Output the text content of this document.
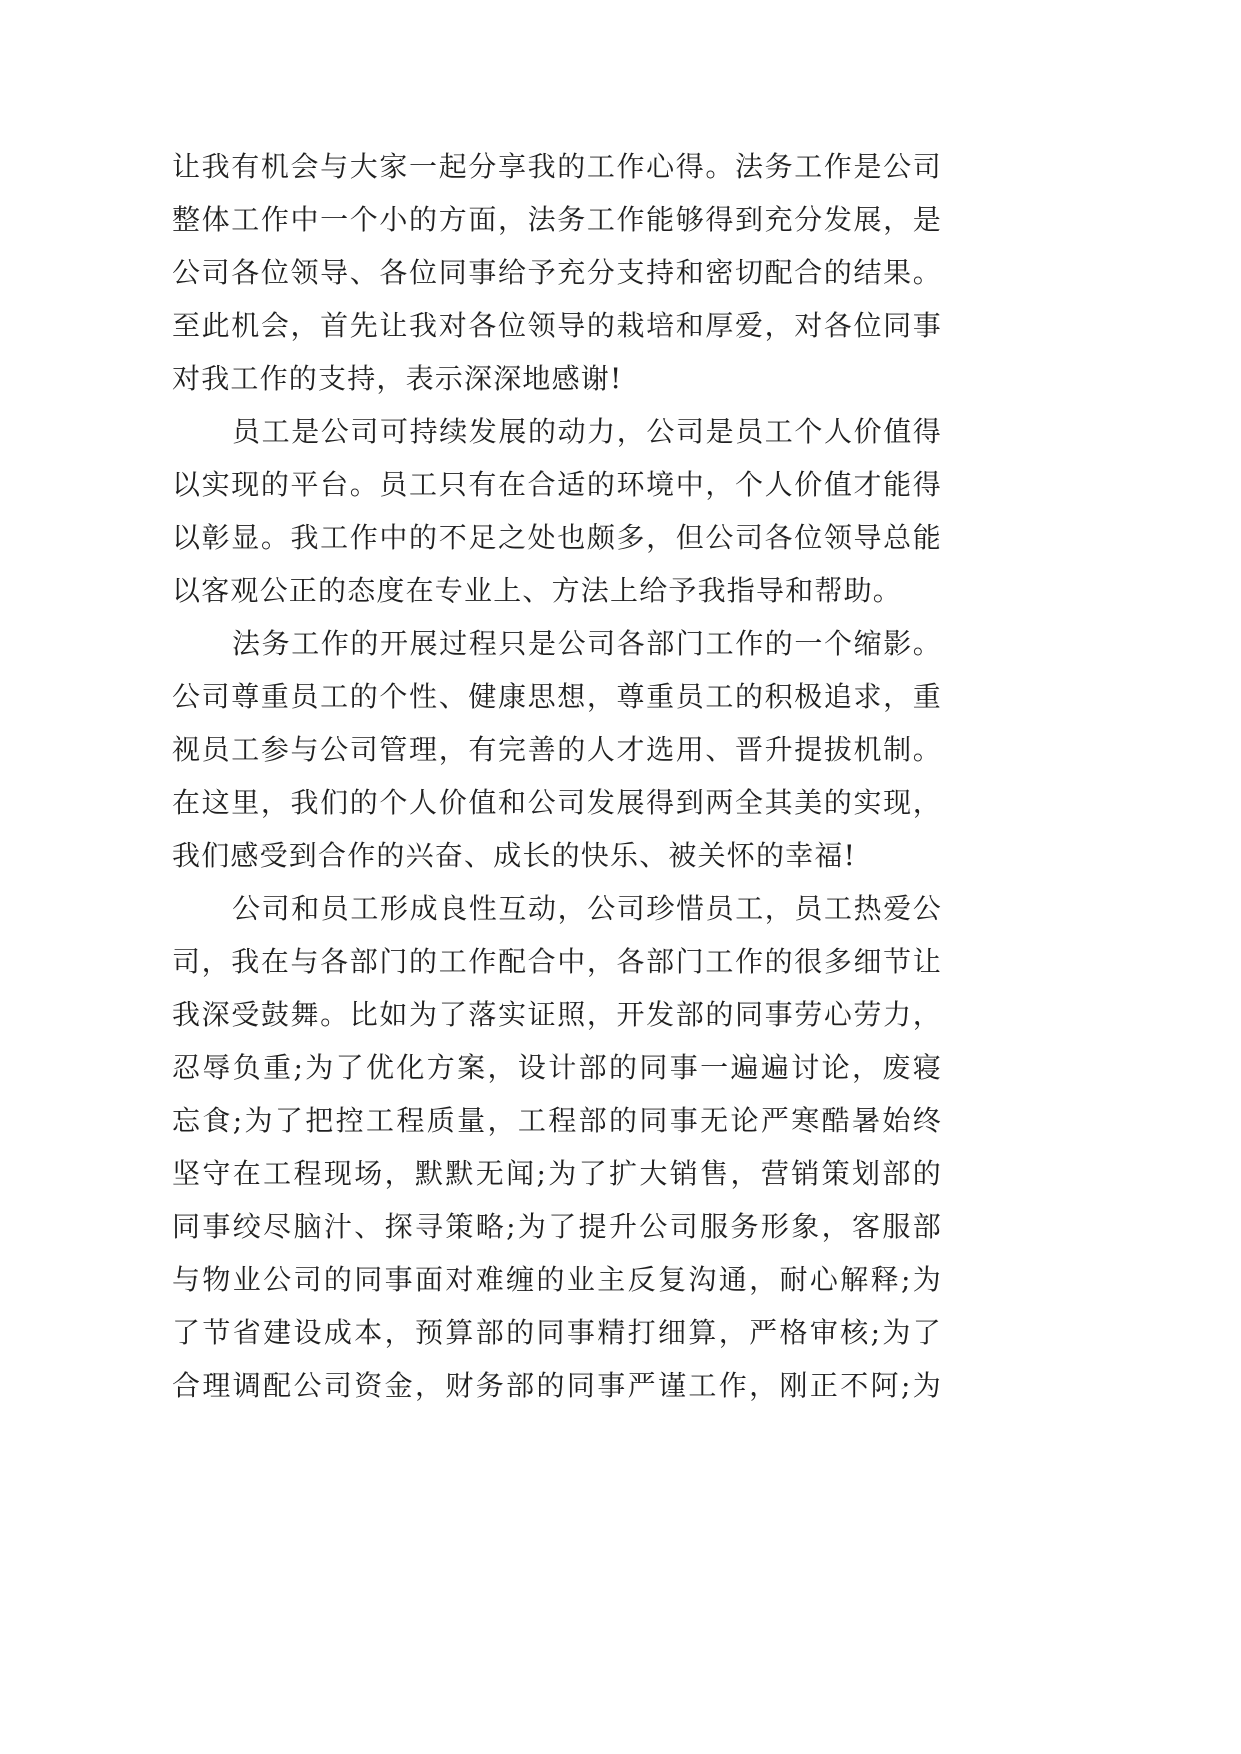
让我有机会与大家一起分享我的工作心得。法务工作是公司
整体工作中一个小的方面，法务工作能够得到充分发展，是
公司各位领导、各位同事给予充分支持和密切配合的结果。
至此机会，首先让我对各位领导的栽培和厚爱，对各位同事
对我工作的支持，表示深深地感谢!
员工是公司可持续发展的动力，公司是员工个人价值得
以实现的平台。员工只有在合适的环境中，个人价值才能得
以彰显。我工作中的不足之处也颇多，但公司各位领导总能
以客观公正的态度在专业上、方法上给予我指导和帮助。
法务工作的开展过程只是公司各部门工作的一个缩影。
公司尊重员工的个性、健康思想，尊重员工的积极追求，重
视员工参与公司管理，有完善的人才选用、晋升提拔机制。
在这里，我们的个人价值和公司发展得到两全其美的实现，
我们感受到合作的兴奋、成长的快乐、被关怀的幸福!
公司和员工形成良性互动，公司珍惜员工，员工热爱公
司，我在与各部门的工作配合中，各部门工作的很多细节让
我深受鼓舞。比如为了落实证照，开发部的同事劳心劳力，
忍辱负重;为了优化方案，设计部的同事一遍遍讨论，废寝
忘食;为了把控工程质量，工程部的同事无论严寒酷暑始终
坚守在工程现场，默默无闻;为了扩大销售，营销策划部的
同事绞尽脑汁、探寻策略;为了提升公司服务形象，客服部
与物业公司的同事面对难缠的业主反复沟通，耐心解释;为
了节省建设成本，预算部的同事精打细算，严格审核;为了
合理调配公司资金，财务部的同事严谨工作，刚正不阿;为
